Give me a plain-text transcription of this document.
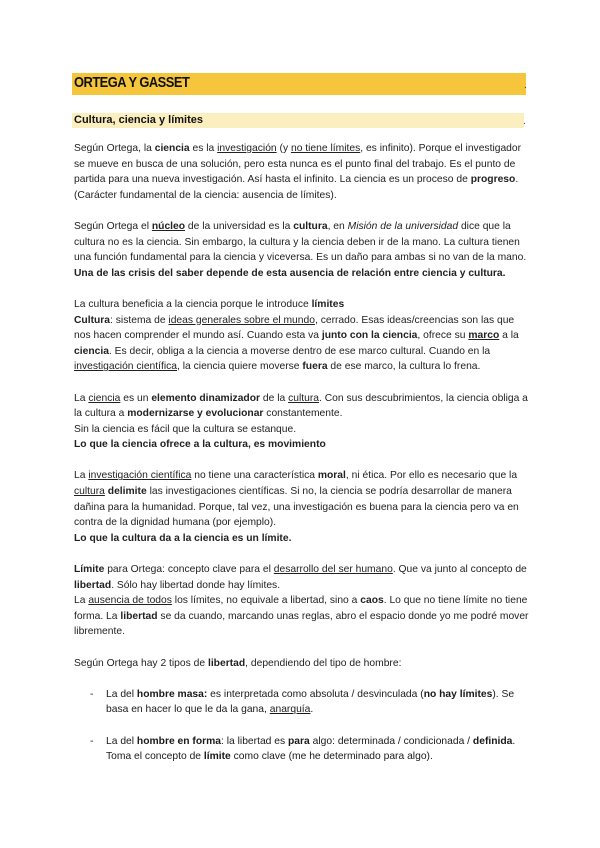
ORTEGA Y GASSET	.
Cultura, ciencia y límites	.

Según Ortega, la ciencia es la investigación (y no tiene límites, es infinito). Porque el investigador se mueve en busca de una solución, pero esta nunca es el punto final del trabajo. Es el punto de partida para una nueva investigación. Así hasta el infinito. La ciencia es un proceso de progreso.

(Carácter fundamental de la ciencia: ausencia de límites).

Según Ortega el núcleo de la universidad es la cultura, en Misión de la universidad dice que la cultura no es la ciencia. Sin embargo, la cultura y la ciencia deben ir de la mano. La cultura tienen una función fundamental para la ciencia y viceversa. Es un daño para ambas si no van de la mano. Una de las crisis del saber depende de esta ausencia de relación entre ciencia y cultura.

La cultura beneficia a la ciencia porque le introduce límites

Cultura: sistema de ideas generales sobre el mundo, cerrado. Esas ideas/creencias son las que nos hacen comprender el mundo así. Cuando esta va junto con la ciencia, ofrece su marco a la ciencia. Es decir, obliga a la ciencia a moverse dentro de ese marco cultural. Cuando en la investigación científica, la ciencia quiere moverse fuera de ese marco, la cultura lo frena.

La ciencia es un elemento dinamizador de la cultura. Con sus descubrimientos, la ciencia obliga a la cultura a modernizarse y evolucionar constantemente.

Sin la ciencia es fácil que la cultura se estanque.

Lo que la ciencia ofrece a la cultura, es movimiento

La investigación científica no tiene una característica moral, ni ética. Por ello es necesario que la cultura delimite las investigaciones científicas. Si no, la ciencia se podría desarrollar de manera dañina para la humanidad. Porque, tal vez, una investigación es buena para la ciencia pero va en contra de la dignidad humana (por ejemplo).

Lo que la cultura da a la ciencia es un límite.

Límite para Ortega: concepto clave para el desarrollo del ser humano. Que va junto al concepto de libertad. Sólo hay libertad donde hay límites.

La ausencia de todos los límites, no equivale a libertad, sino a caos. Lo que no tiene límite no tiene forma. La libertad se da cuando, marcando unas reglas, abro el espacio donde yo me podré mover libremente.

Según Ortega hay 2 tipos de libertad, dependiendo del tipo de hombre:

- La del hombre masa: es interpretada como absoluta / desvinculada (no hay límites). Se basa en hacer lo que le da la gana, anarquía.
- La del hombre en forma: la libertad es para algo: determinada / condicionada / definida. Toma el concepto de límite como clave (me he determinado para algo).
